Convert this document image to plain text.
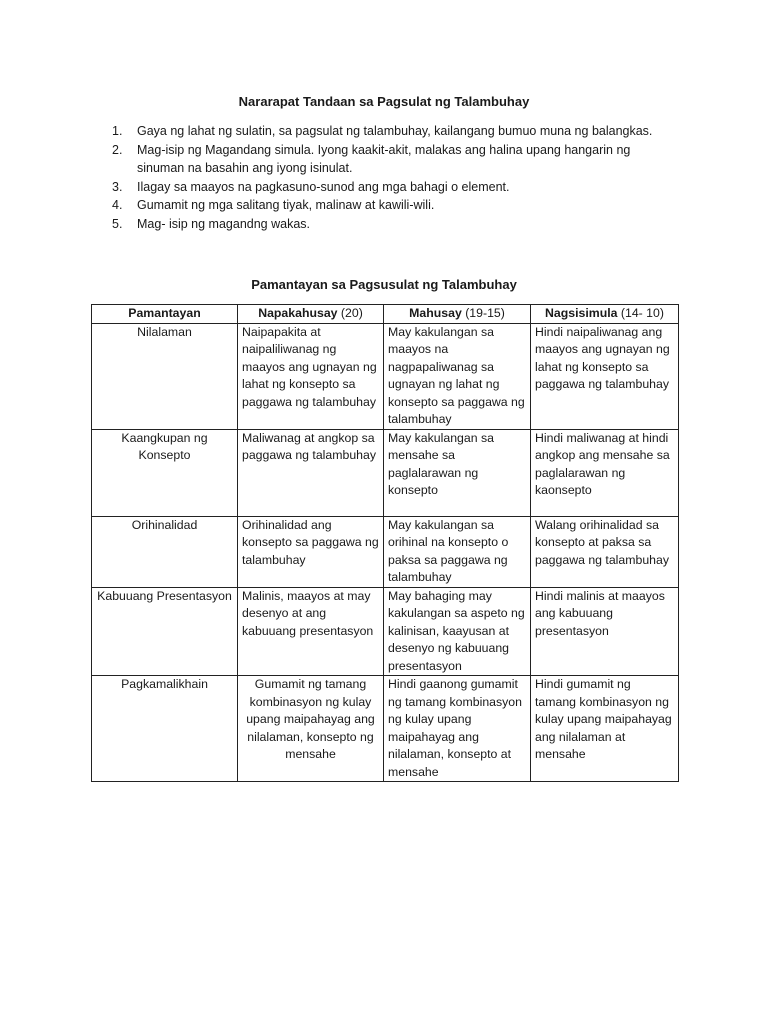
Nararapat Tandaan sa Pagsulat ng Talambuhay
1. Gaya ng lahat ng sulatin, sa pagsulat ng talambuhay, kailangang bumuo muna ng balangkas.
2. Mag-isip ng Magandang simula. Iyong kaakit-akit, malakas ang halina upang hangarin ng sinuman na basahin ang iyong isinulat.
3. Ilagay sa maayos na pagkasuno-sunod ang mga bahagi o element.
4. Gumamit ng mga salitang tiyak, malinaw at kawili-wili.
5. Mag- isip ng magandng wakas.
Pamantayan sa Pagsusulat ng Talambuhay
Pamantayan	Napakahusay (20)	Mahusay (19-15)	Nagsisimula (14- 10)
Nilalaman	Naipapakita at naipaliliwanag ng maayos ang ugnayan ng lahat ng konsepto sa paggawa ng talambuhay	May kakulangan sa maayos na nagpapaliwanag sa ugnayan ng lahat ng konsepto sa paggawa ng talambuhay	Hindi naipaliwanag ang maayos ang ugnayan ng lahat ng konsepto sa paggawa ng talambuhay
Kaangkupan ng Konsepto	Maliwanag at angkop sa paggawa ng talambuhay	May kakulangan sa mensahe sa paglalarawan ng konsepto	Hindi maliwanag at hindi angkop ang mensahe sa paglalarawan ng kaonsepto
Orihinalidad	Orihinalidad ang konsepto sa paggawa ng talambuhay	May kakulangan sa orihinal na konsepto o paksa sa paggawa ng talambuhay	Walang orihinalidad sa konsepto at paksa sa paggawa ng talambuhay
Kabuuang Presentasyon	Malinis, maayos at may desenyo at ang kabuuang presentasyon	May bahaging may kakulangan sa aspeto ng kalinisan, kaayusan at desenyo ng kabuuang presentasyon	Hindi malinis at maayos ang kabuuang presentasyon
Pagkamalikhain	Gumamit ng tamang kombinasyon ng kulay upang maipahayag ang nilalaman, konsepto ng mensahe	Hindi gaanong gumamit ng tamang kombinasyon ng kulay upang maipahayag ang nilalaman, konsepto at mensahe	Hindi gumamit ng tamang kombinasyon ng kulay upang maipahayag ang nilalaman at mensahe
